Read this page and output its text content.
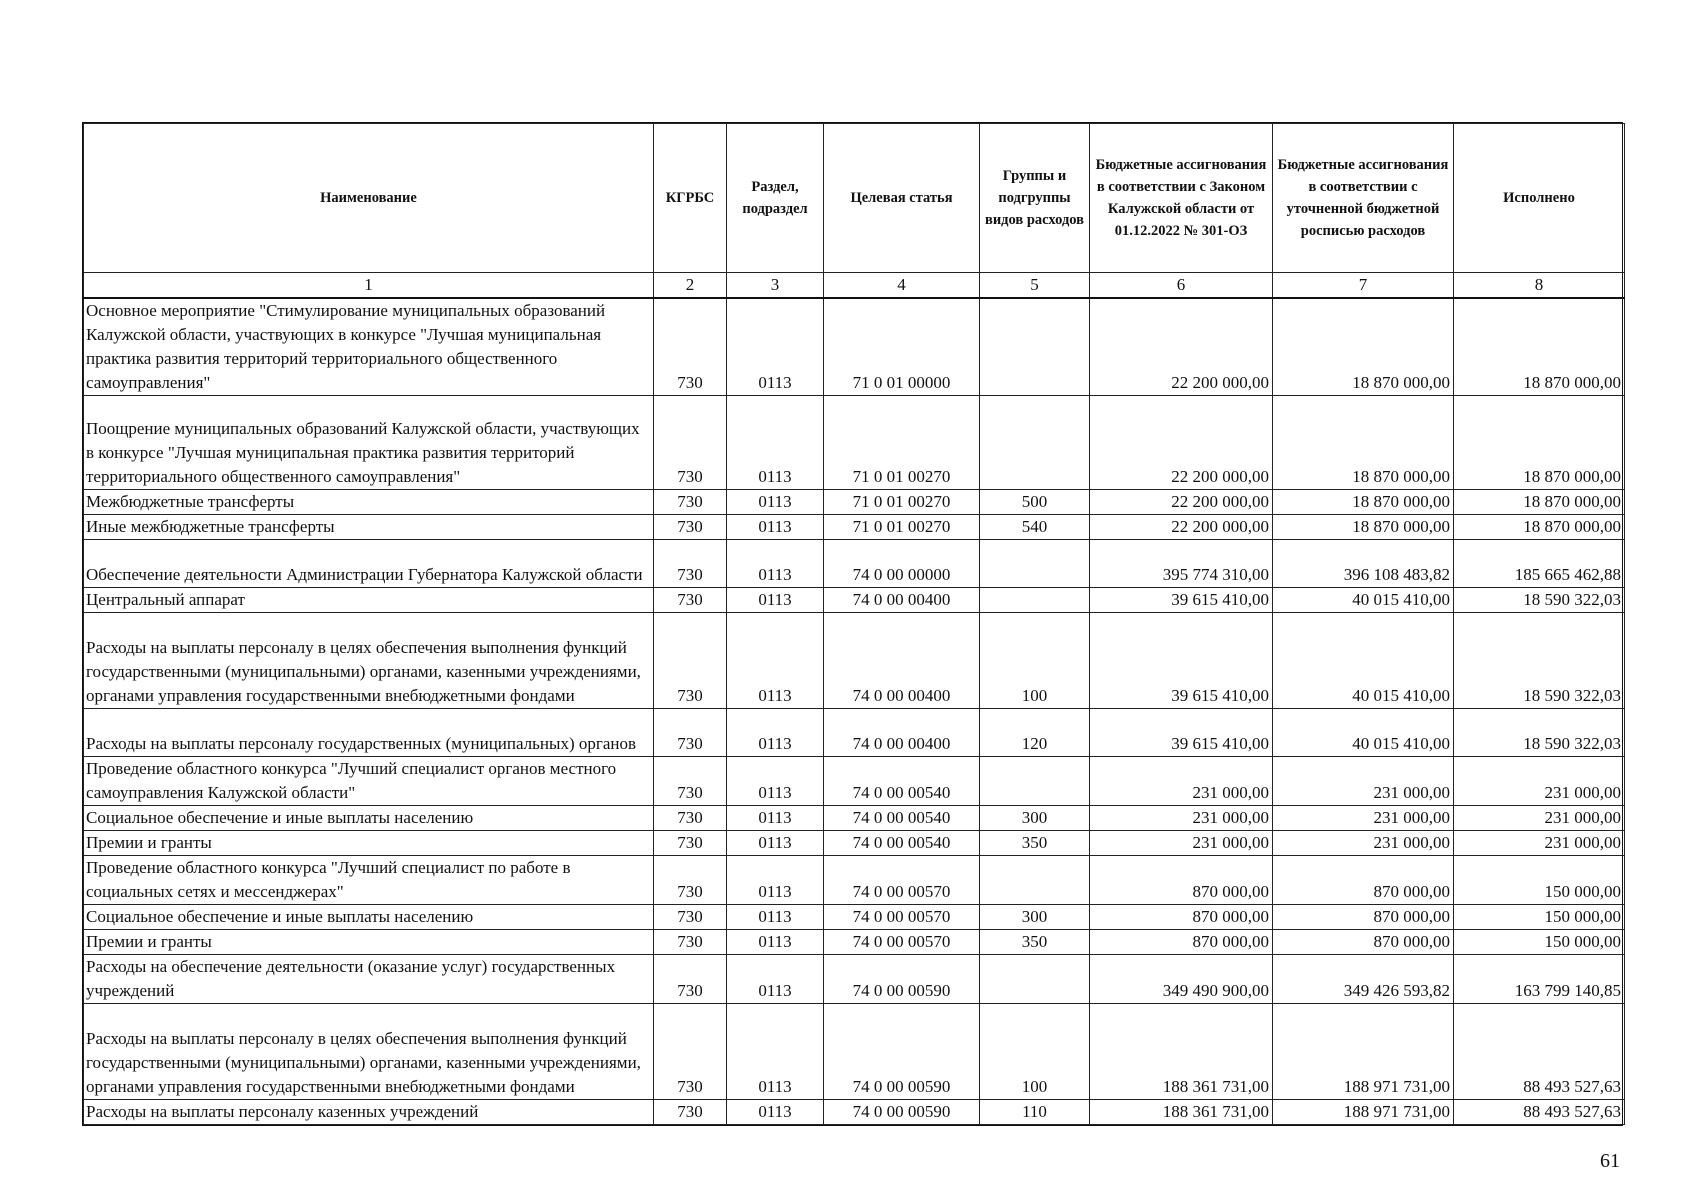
Наименование	КГРБС	Раздел, подраздел	Целевая статья	Группы и подгруппы видов расходов	Бюджетные ассигнования в соответствии с Законом Калужской области от 01.12.2022 № 301-ОЗ	Бюджетные ассигнования в соответствии с уточненной бюджетной росписью расходов	Исполнено
1	2	3	4	5	6	7	8
Основное мероприятие "Стимулирование муниципальных образований Калужской области, участвующих в конкурсе "Лучшая муниципальная практика развития территорий территориального общественного самоуправления"	730	0113	71 0 01 00000		22 200 000,00	18 870 000,00	18 870 000,00
Поощрение муниципальных образований Калужской области, участвующих в конкурсе "Лучшая муниципальная практика развития территорий территориального общественного самоуправления"	730	0113	71 0 01 00270		22 200 000,00	18 870 000,00	18 870 000,00
Межбюджетные трансферты	730	0113	71 0 01 00270	500	22 200 000,00	18 870 000,00	18 870 000,00
Иные межбюджетные трансферты	730	0113	71 0 01 00270	540	22 200 000,00	18 870 000,00	18 870 000,00
Обеспечение деятельности Администрации Губернатора Калужской области	730	0113	74 0 00 00000		395 774 310,00	396 108 483,82	185 665 462,88
Центральный аппарат	730	0113	74 0 00 00400		39 615 410,00	40 015 410,00	18 590 322,03
Расходы на выплаты персоналу в целях обеспечения выполнения функций государственными (муниципальными) органами, казенными учреждениями, органами управления государственными внебюджетными фондами	730	0113	74 0 00 00400	100	39 615 410,00	40 015 410,00	18 590 322,03
Расходы на выплаты персоналу государственных (муниципальных) органов	730	0113	74 0 00 00400	120	39 615 410,00	40 015 410,00	18 590 322,03
Проведение областного конкурса "Лучший специалист органов местного самоуправления Калужской области"	730	0113	74 0 00 00540		231 000,00	231 000,00	231 000,00
Социальное обеспечение и иные выплаты населению	730	0113	74 0 00 00540	300	231 000,00	231 000,00	231 000,00
Премии и гранты	730	0113	74 0 00 00540	350	231 000,00	231 000,00	231 000,00
Проведение областного конкурса "Лучший специалист по работе в социальных сетях и мессенджерах"	730	0113	74 0 00 00570		870 000,00	870 000,00	150 000,00
Социальное обеспечение и иные выплаты населению	730	0113	74 0 00 00570	300	870 000,00	870 000,00	150 000,00
Премии и гранты	730	0113	74 0 00 00570	350	870 000,00	870 000,00	150 000,00
Расходы на обеспечение деятельности (оказание услуг) государственных учреждений	730	0113	74 0 00 00590		349 490 900,00	349 426 593,82	163 799 140,85
Расходы на выплаты персоналу в целях обеспечения выполнения функций государственными (муниципальными) органами, казенными учреждениями, органами управления государственными внебюджетными фондами	730	0113	74 0 00 00590	100	188 361 731,00	188 971 731,00	88 493 527,63
Расходы на выплаты персоналу казенных учреждений	730	0113	74 0 00 00590	110	188 361 731,00	188 971 731,00	88 493 527,63
61
